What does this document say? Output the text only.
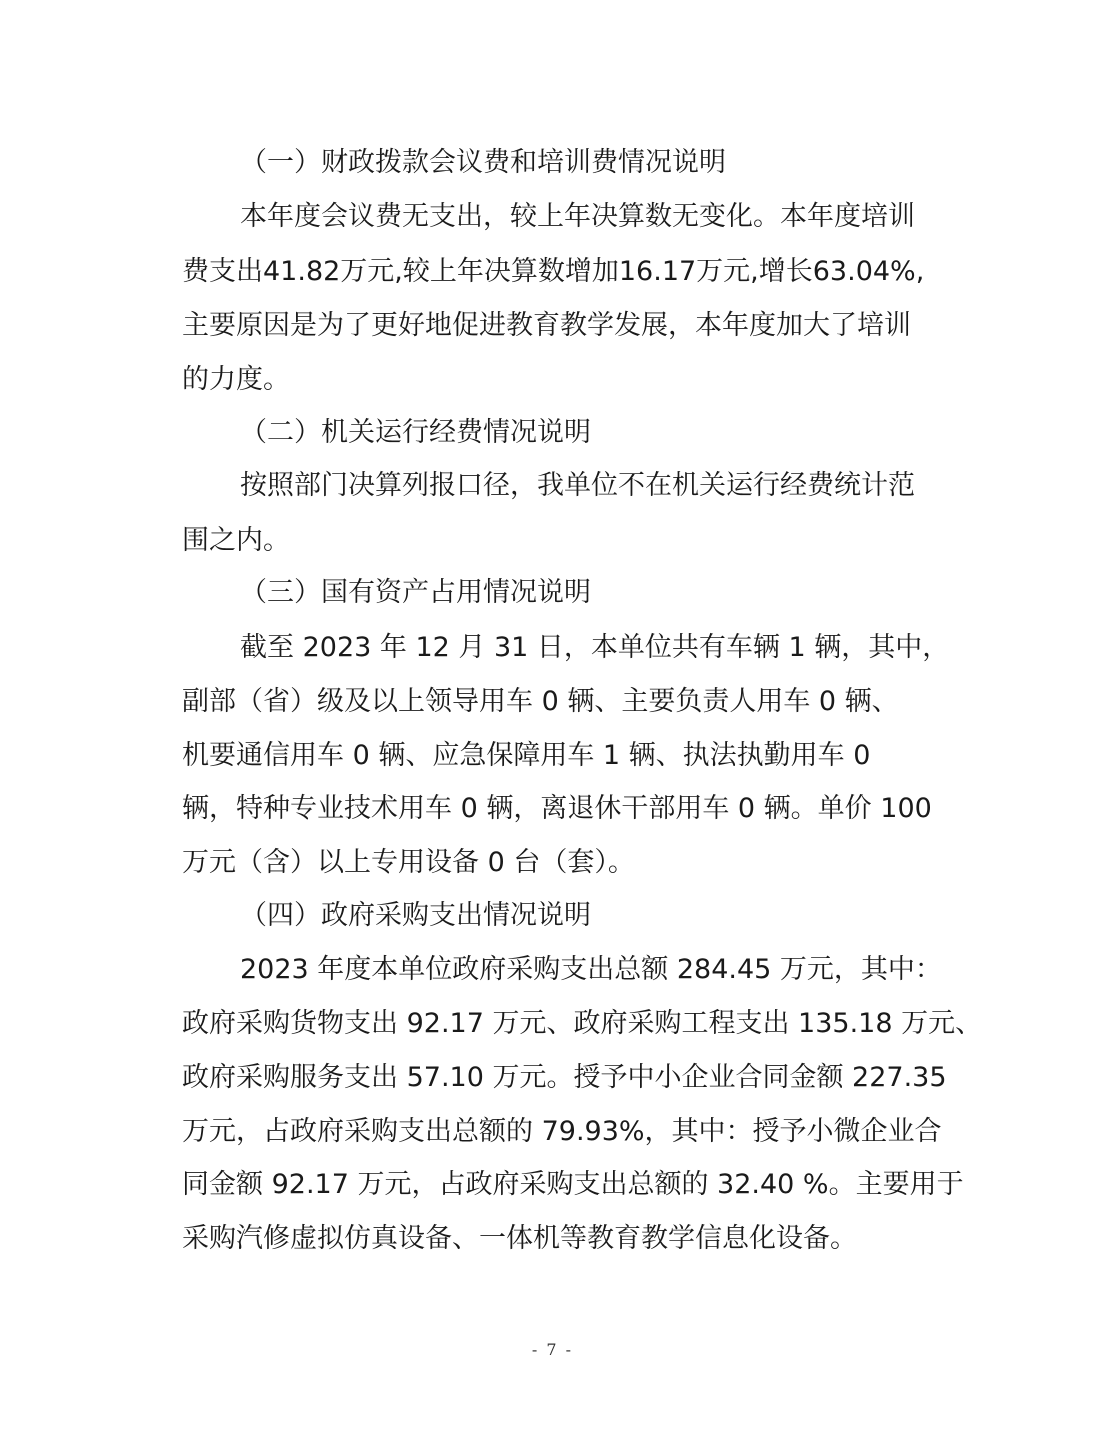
（一）财政拨款会议费和培训费情况说明
本年度会议费无支出，较上年决算数无变化。本年度培训
费支出41.82万元,较上年决算数增加16.17万元,增长63.04%,
主要原因是为了更好地促进教育教学发展，本年度加大了培训
的力度。
（二）机关运行经费情况说明
按照部门决算列报口径，我单位不在机关运行经费统计范
围之内。
（三）国有资产占用情况说明
截至 2023 年 12 月 31 日，本单位共有车辆 1 辆，其中，
副部（省）级及以上领导用车 0 辆、主要负责人用车 0 辆、
机要通信用车 0 辆、应急保障用车 1 辆、执法执勤用车 0
辆，特种专业技术用车 0 辆，离退休干部用车 0 辆。单价 100
万元（含）以上专用设备 0 台（套）。
（四）政府采购支出情况说明
2023 年度本单位政府采购支出总额 284.45 万元，其中：
政府采购货物支出 92.17 万元、政府采购工程支出 135.18 万元、
政府采购服务支出 57.10 万元。授予中小企业合同金额 227.35
万元，占政府采购支出总额的 79.93%，其中：授予小微企业合
同金额 92.17 万元，占政府采购支出总额的 32.40 %。主要用于
采购汽修虚拟仿真设备、一体机等教育教学信息化设备。
- 7 -
